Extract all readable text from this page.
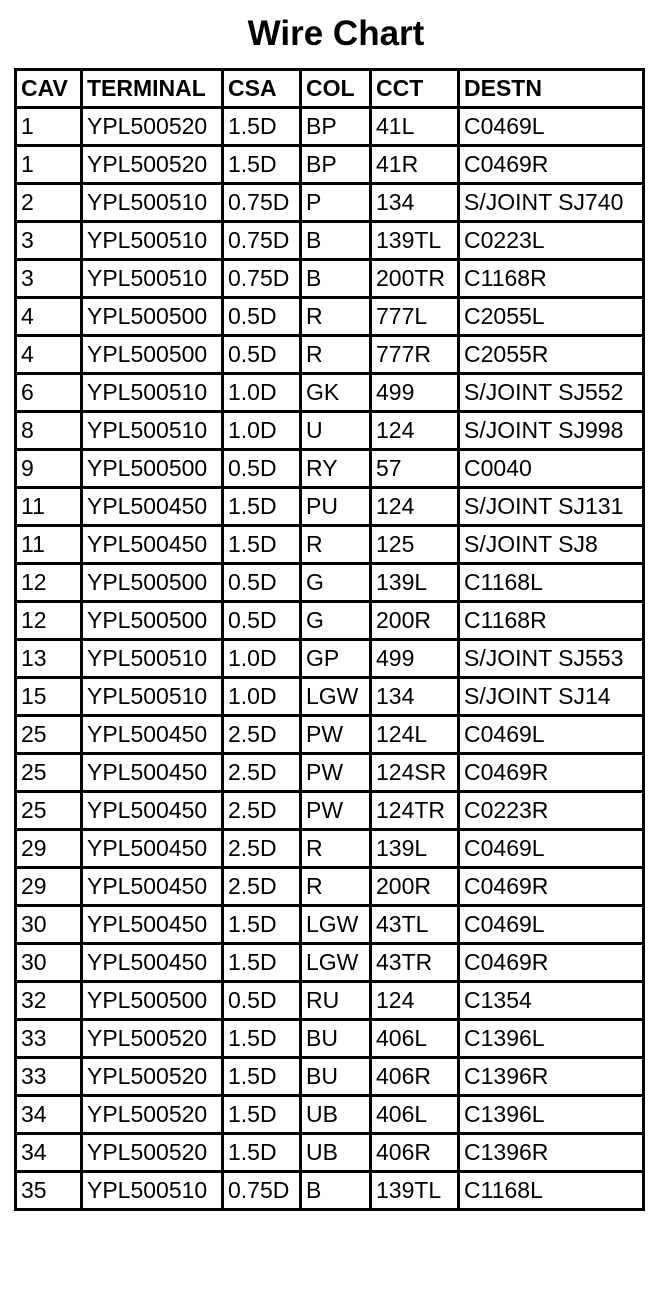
Wire Chart
CAV	TERMINAL	CSA	COL	CCT	DESTN
1	YPL500520	1.5D	BP	41L	C0469L
1	YPL500520	1.5D	BP	41R	C0469R
2	YPL500510	0.75D	P	134	S/JOINT SJ740
3	YPL500510	0.75D	B	139TL	C0223L
3	YPL500510	0.75D	B	200TR	C1168R
4	YPL500500	0.5D	R	777L	C2055L
4	YPL500500	0.5D	R	777R	C2055R
6	YPL500510	1.0D	GK	499	S/JOINT SJ552
8	YPL500510	1.0D	U	124	S/JOINT SJ998
9	YPL500500	0.5D	RY	57	C0040
11	YPL500450	1.5D	PU	124	S/JOINT SJ131
11	YPL500450	1.5D	R	125	S/JOINT SJ8
12	YPL500500	0.5D	G	139L	C1168L
12	YPL500500	0.5D	G	200R	C1168R
13	YPL500510	1.0D	GP	499	S/JOINT SJ553
15	YPL500510	1.0D	LGW	134	S/JOINT SJ14
25	YPL500450	2.5D	PW	124L	C0469L
25	YPL500450	2.5D	PW	124SR	C0469R
25	YPL500450	2.5D	PW	124TR	C0223R
29	YPL500450	2.5D	R	139L	C0469L
29	YPL500450	2.5D	R	200R	C0469R
30	YPL500450	1.5D	LGW	43TL	C0469L
30	YPL500450	1.5D	LGW	43TR	C0469R
32	YPL500500	0.5D	RU	124	C1354
33	YPL500520	1.5D	BU	406L	C1396L
33	YPL500520	1.5D	BU	406R	C1396R
34	YPL500520	1.5D	UB	406L	C1396L
34	YPL500520	1.5D	UB	406R	C1396R
35	YPL500510	0.75D	B	139TL	C1168L
